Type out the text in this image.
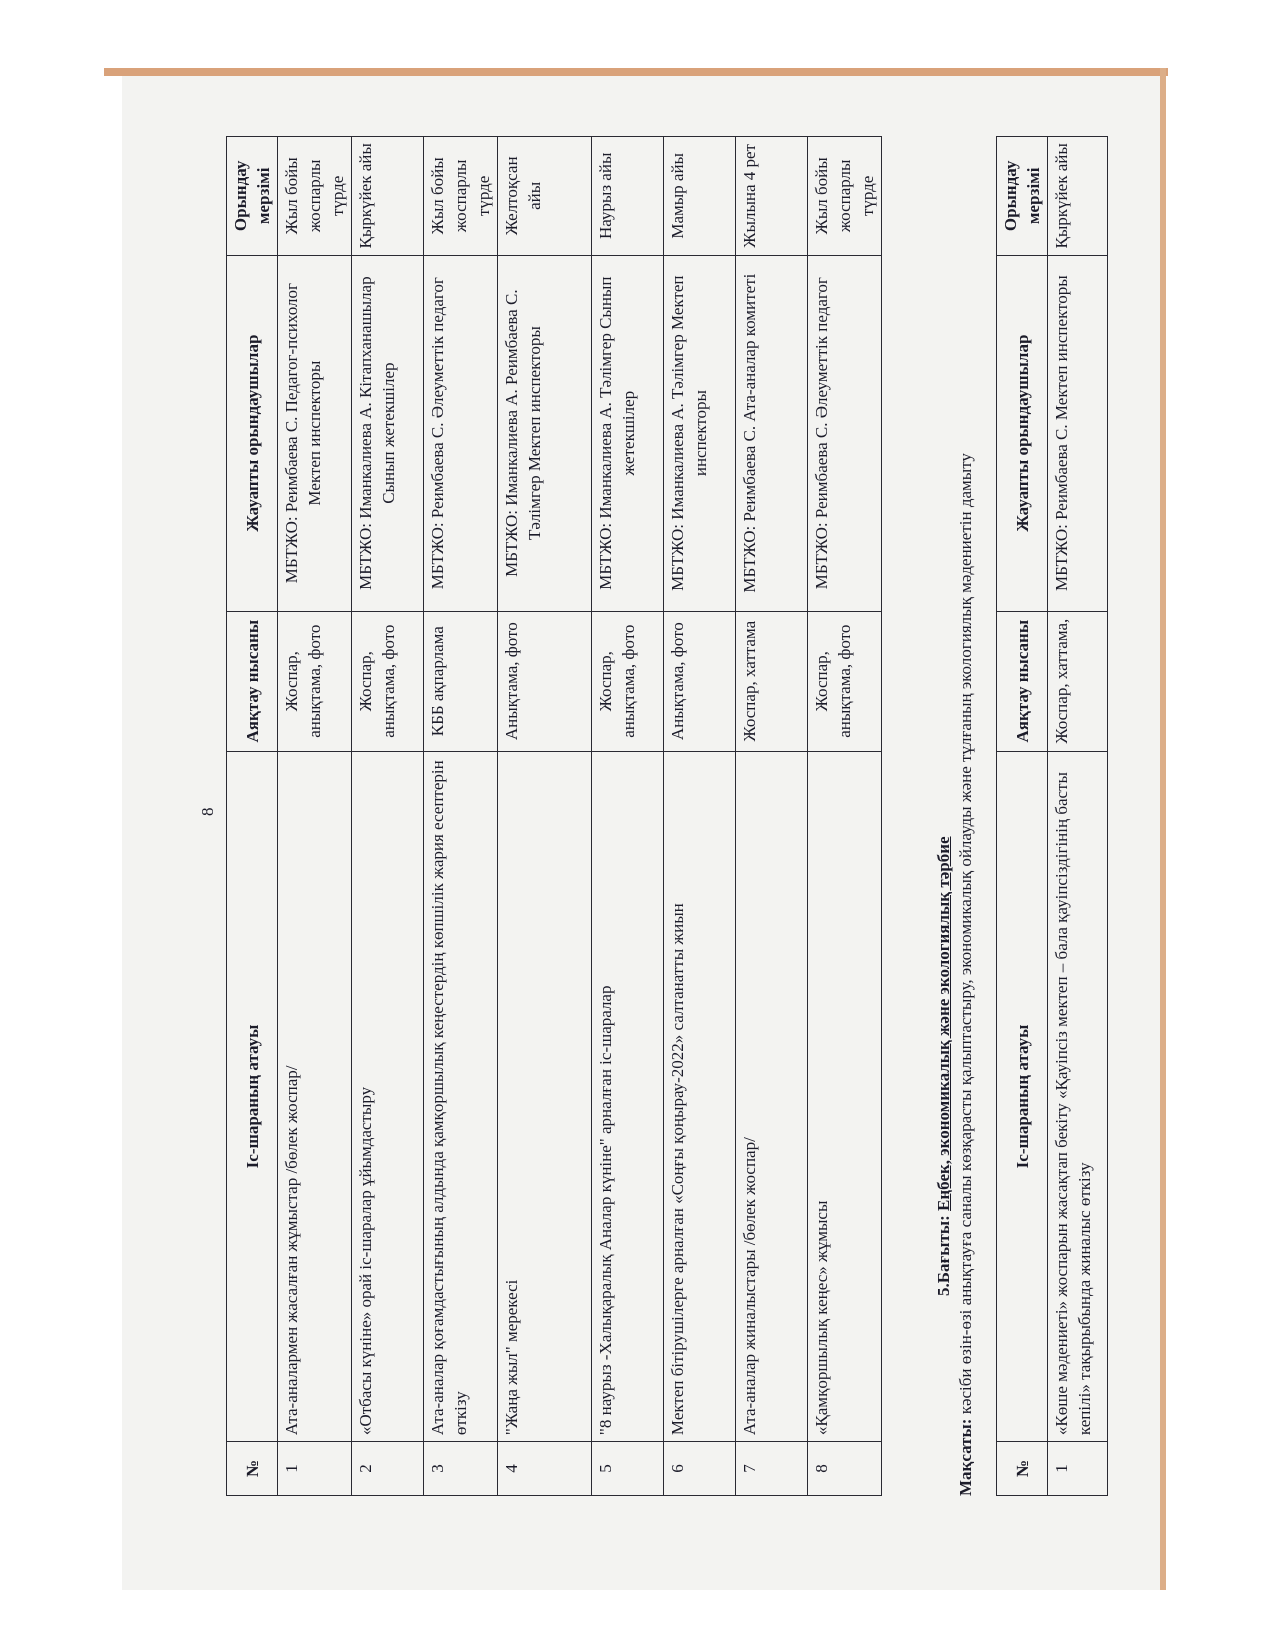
8
№	Іс-шараның атауы	Аяқтау нысаны	Жауапты орындаушылар	Орындау мерзімі
1	Ата-аналармен жасалған жұмыстар /бөлек жоспар/	Жоспар, анықтама, фото	МБТЖО: Реимбаева С. Педагог-психолог Мектеп инспекторы	Жыл бойы жоспарлы түрде
2	«Отбасы күніне» орай іс-шаралар ұйымдастыру	Жоспар, анықтама, фото	МБТЖО: Иманкалиева А. Кітапханашылар Сынып жетекшілер	Қыркүйек айы
3	Ата-аналар қоғамдастығының алдында қамқоршылық кеңестердің көпшілік жария есептерін өткізу	КББ ақпарлама	МБТЖО: Реимбаева С. Әлеуметтік педагог	Жыл бойы жоспарлы түрде
4	"Жаңа жыл" мерекесі	Анықтама, фото	МБТЖО: Иманкалиева А. Реимбаева С. Тәлімгер Мектеп инспекторы	Желтоқсан айы
5	"8 наурыз -Халықаралық Аналар күніне" арналған іс-шаралар	Жоспар, анықтама, фото	МБТЖО: Иманкалиева А. Тәлімгер Сынып жетекшілер	Наурыз айы
6	Мектеп бітірушілерге арналған «Соңғы қоңырау-2022» салтанатты жиын	Анықтама, фото	МБТЖО: Иманкалиева А. Тәлімгер Мектеп инспекторы	Мамыр айы
7	Ата-аналар жиналыстары /бөлек жоспар/	Жоспар, хаттама	МБТЖО: Реимбаева С. Ата-аналар комитеті	Жылына 4 рет
8	«Қамқоршылық кеңес» жұмысы	Жоспар, анықтама, фото	МБТЖО: Реимбаева С. Әлеуметтік педагог	Жыл бойы жоспарлы түрде
5.Бағыты: Еңбек, экономикалық және экологиялық тәрбие
Мақсаты: кәсіби өзін-өзі анықтауға саналы көзқарасты қалыптастыру, экономикалық ойлауды және тұлғаның экологиялық мәдениетін дамыту
№	Іс-шараның атауы	Аяқтау нысаны	Жауапты орындаушылар	Орындау мерзімі
1	«Көше мәдениеті» жоспарын жасақтап бекіту «Қауіпсіз мектеп – бала қауіпсіздігінің басты кепілі» тақырыбында жиналыс өткізу	Жоспар, хаттама,	МБТЖО: Реимбаева С. Мектеп инспекторы	Қыркүйек айы
